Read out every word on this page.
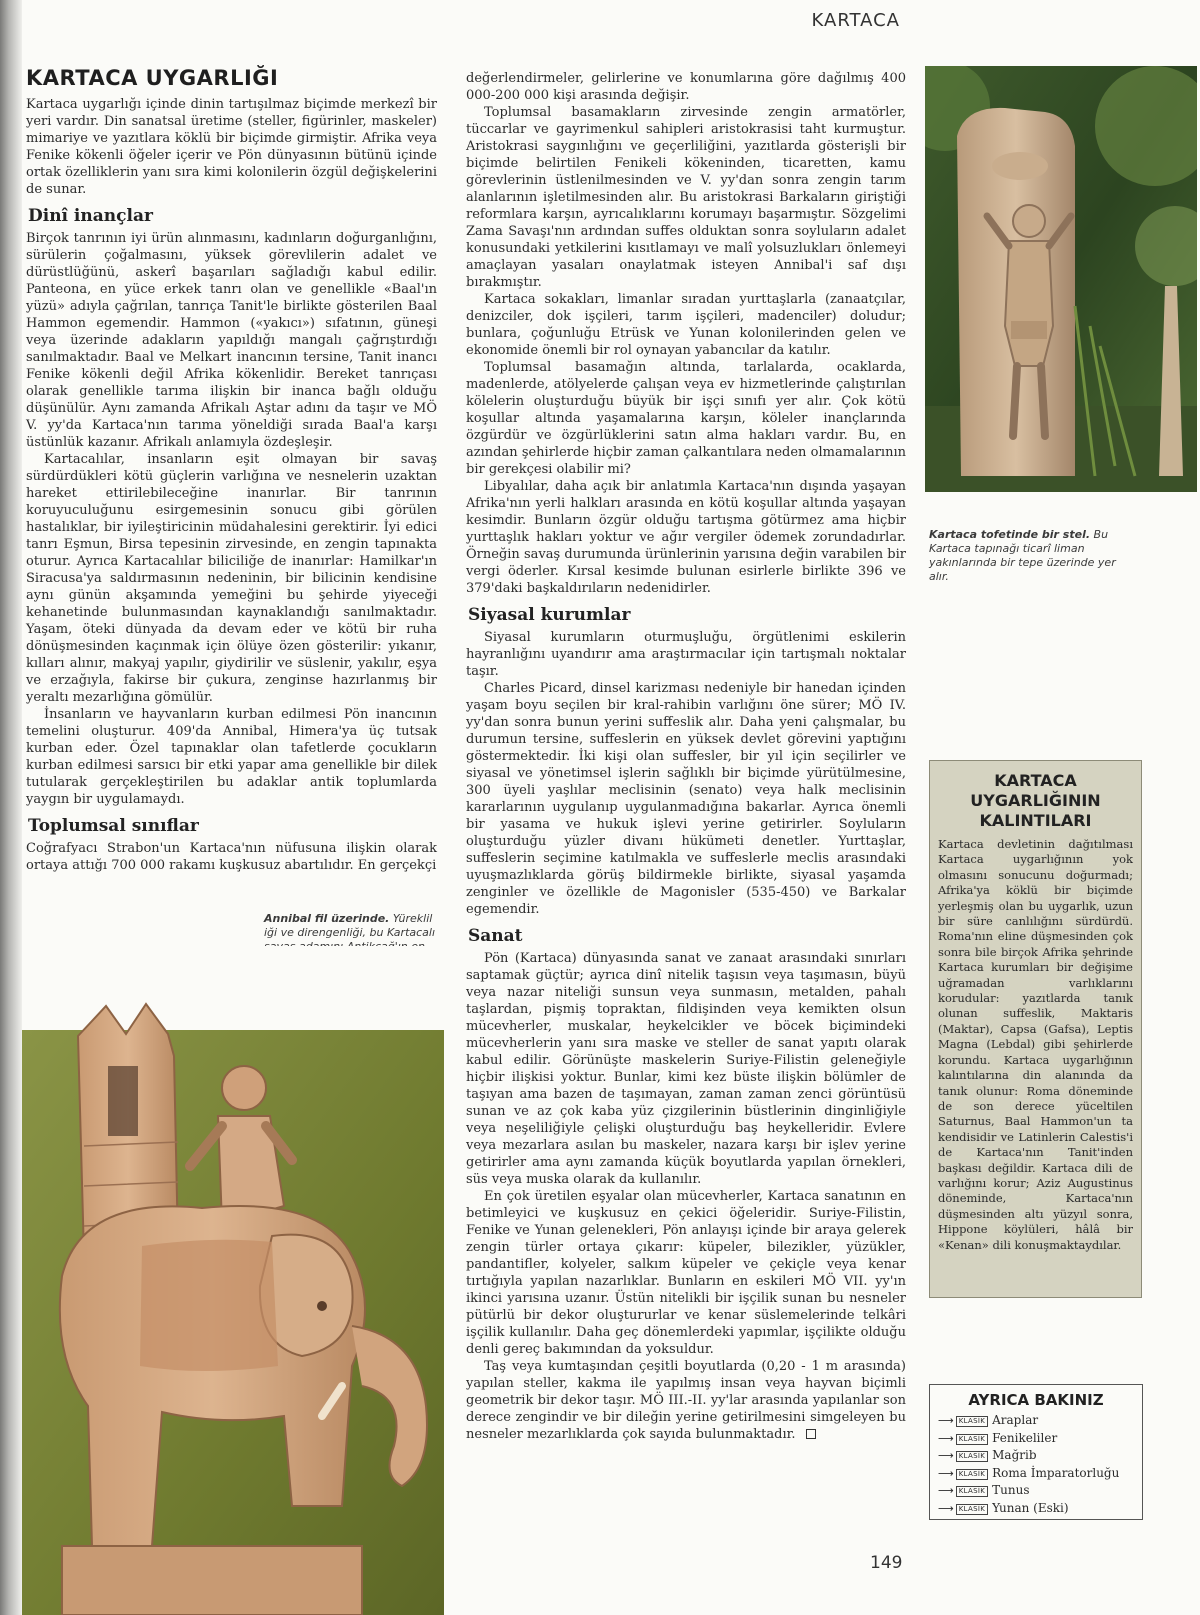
KARTACA
KARTACA UYGARLIĞI

Kartaca uygarlığı içinde dinin tartışılmaz biçimde merkezî bir yeri vardır. Din sanatsal üretime (steller, figürinler, maskeler) mimariye ve yazıtlara köklü bir biçimde girmiştir. Afrika veya Fenike kökenli öğeler içerir ve Pön dünyasının bütünü içinde ortak özelliklerin yanı sıra kimi kolonilerin özgül değişkelerini de sunar.

Dinî inançlar

Birçok tanrının iyi ürün alınmasını, kadınların doğurganlığını, sürülerin çoğalmasını, yüksek görevlilerin adalet ve dürüstlüğünü, askerî başarıları sağladığı kabul edilir. Panteona, en yüce erkek tanrı olan ve genellikle «Baal'ın yüzü» adıyla çağrılan, tanrıça Tanit'le birlikte gösterilen Baal Hammon egemendir. Hammon («yakıcı») sıfatının, güneşi veya üzerinde adakların yapıldığı mangalı çağrıştırdığı sanılmaktadır. Baal ve Melkart inancının tersine, Tanit inancı Fenike kökenli değil Afrika kökenlidir. Bereket tanrıçası olarak genellikle tarıma ilişkin bir inanca bağlı olduğu düşünülür. Aynı zamanda Afrikalı Aştar adını da taşır ve MÖ V. yy'da Kartaca'nın tarıma yöneldiği sırada Baal'a karşı üstünlük kazanır. Afrikalı anlamıyla özdeşleşir.

Kartacalılar, insanların eşit olmayan bir savaş sürdürdükleri kötü güçlerin varlığına ve nesnelerin uzaktan hareket ettirilebileceğine inanırlar. Bir tanrının koruyuculuğunu esirgemesinin sonucu gibi görülen hastalıklar, bir iyileştiricinin müdahalesini gerektirir. İyi edici tanrı Eşmun, Birsa tepesinin zirvesinde, en zengin tapınakta oturur. Ayrıca Kartacalılar biliciliğe de inanırlar: Hamilkar'ın Siracusa'ya saldırmasının nedeninin, bir bilicinin kendisine aynı günün akşamında yemeğini bu şehirde yiyeceği kehanetinde bulunmasından kaynaklandığı sanılmaktadır. Yaşam, öteki dünyada da devam eder ve kötü bir ruha dönüşmesinden kaçınmak için ölüye özen gösterilir: yıkanır, kılları alınır, makyaj yapılır, giydirilir ve süslenir, yakılır, eşya ve erzağıyla, fakirse bir çukura, zenginse hazırlanmış bir yeraltı mezarlığına gömülür.

İnsanların ve hayvanların kurban edilmesi Pön inancının temelini oluşturur. 409'da Annibal, Himera'ya üç tutsak kurban eder. Özel tapınaklar olan tafetlerde çocukların kurban edilmesi sarsıcı bir etki yapar ama genellikle bir dilek tutularak gerçekleştirilen bu adaklar antik toplumlarda yaygın bir uygulamaydı.

Toplumsal sınıflar

Coğrafyacı Strabon'un Kartaca'nın nüfusuna ilişkin olarak ortaya attığı 700 000 rakamı kuşkusuz abartılıdır. En gerçekçi

değerlendirmeler, gelirlerine ve konumlarına göre dağılmış 400 000-200 000 kişi arasında değişir.

Toplumsal basamakların zirvesinde zengin armatörler, tüccarlar ve gayrimenkul sahipleri aristokrasisi taht kurmuştur. Aristokrasi saygınlığını ve geçerliliğini, yazıtlarda gösterişli bir biçimde belirtilen Fenikeli kökeninden, ticaretten, kamu görevlerinin üstlenilmesinden ve V. yy'dan sonra zengin tarım alanlarının işletilmesinden alır. Bu aristokrasi Barkaların giriştiği reformlara karşın, ayrıcalıklarını korumayı başarmıştır. Sözgelimi Zama Savaşı'nın ardından suffes olduktan sonra soyluların adalet konusundaki yetkilerini kısıtlamayı ve malî yolsuzlukları önlemeyi amaçlayan yasaları onaylatmak isteyen Annibal'i saf dışı bırakmıştır.

Kartaca sokakları, limanlar sıradan yurttaşlarla (zanaatçılar, denizciler, dok işçileri, tarım işçileri, madenciler) doludur; bunlara, çoğunluğu Etrüsk ve Yunan kolonilerinden gelen ve ekonomide önemli bir rol oynayan yabancılar da katılır.

Toplumsal basamağın altında, tarlalarda, ocaklarda, madenlerde, atölyelerde çalışan veya ev hizmetlerinde çalıştırılan kölelerin oluşturduğu büyük bir işçi sınıfı yer alır. Çok kötü koşullar altında yaşamalarına karşın, köleler inançlarında özgürdür ve özgürlüklerini satın alma hakları vardır. Bu, en azından şehirlerde hiçbir zaman çalkantılara neden olmamalarının bir gerekçesi olabilir mi?

Libyalılar, daha açık bir anlatımla Kartaca'nın dışında yaşayan Afrika'nın yerli halkları arasında en kötü koşullar altında yaşayan kesimdir. Bunların özgür olduğu tartışma götürmez ama hiçbir yurttaşlık hakları yoktur ve ağır vergiler ödemek zorundadırlar. Örneğin savaş durumunda ürünlerinin yarısına değin varabilen bir vergi öderler. Kırsal kesimde bulunan esirlerle birlikte 396 ve 379'daki başkaldırıların nedenidirler.

Siyasal kurumlar

Siyasal kurumların oturmuşluğu, örgütlenimi eskilerin hayranlığını uyandırır ama araştırmacılar için tartışmalı noktalar taşır.

Charles Picard, dinsel karizması nedeniyle bir hanedan içinden yaşam boyu seçilen bir kral-rahibin varlığını öne sürer; MÖ IV. yy'dan sonra bunun yerini suffeslik alır. Daha yeni çalışmalar, bu durumun tersine, suffeslerin en yüksek devlet görevini yaptığını göstermektedir. İki kişi olan suffesler, bir yıl için seçilirler ve siyasal ve yönetimsel işlerin sağlıklı bir biçimde yürütülmesine, 300 üyeli yaşlılar meclisinin (senato) veya halk meclisinin kararlarının uygulanıp uygulanmadığına bakarlar. Ayrıca önemli bir yasama ve hukuk işlevi yerine getirirler. Soyluların oluşturduğu yüzler divanı hükümeti denetler. Yurttaşlar, suffeslerin seçimine katılmakla ve suffeslerle meclis arasındaki uyuşmazlıklarda görüş bildirmekle birlikte, siyasal yaşamda zenginler ve özellikle de Magonisler (535-450) ve Barkalar egemendir.

Sanat

Pön (Kartaca) dünyasında sanat ve zanaat arasındaki sınırları saptamak güçtür; ayrıca dinî nitelik taşısın veya taşımasın, büyü veya nazar niteliği sunsun veya sunmasın, metalden, pahalı taşlardan, pişmiş topraktan, fildişinden veya kemikten olsun mücevherler, muskalar, heykelcikler ve böcek biçimindeki mücevherlerin yanı sıra maske ve steller de sanat yapıtı olarak kabul edilir. Görünüşte maskelerin Suriye-Filistin geleneğiyle hiçbir ilişkisi yoktur. Bunlar, kimi kez büste ilişkin bölümler de taşıyan ama bazen de taşımayan, zaman zaman zenci görüntüsü sunan ve az çok kaba yüz çizgilerinin büstlerinin dinginliğiyle veya neşeliliğiyle çelişki oluşturduğu baş heykelleridir. Evlere veya mezarlara asılan bu maskeler, nazara karşı bir işlev yerine getirirler ama aynı zamanda küçük boyutlarda yapılan örnekleri, süs veya muska olarak da kullanılır.

En çok üretilen eşyalar olan mücevherler, Kartaca sanatının en betimleyici ve kuşkusuz en çekici öğeleridir. Suriye-Filistin, Fenike ve Yunan gelenekleri, Pön anlayışı içinde bir araya gelerek zengin türler ortaya çıkarır: küpeler, bilezikler, yüzükler, pandantifler, kolyeler, salkım küpeler ve çekiçle veya kenar tırtığıyla yapılan nazarlıklar. Bunların en eskileri MÖ VII. yy'ın ikinci yarısına uzanır. Üstün nitelikli bir işçilik sunan bu nesneler pütürlü bir dekor oluştururlar ve kenar süslemelerinde telkâri işçilik kullanılır. Daha geç dönemlerdeki yapımlar, işçilikte olduğu denli gereç bakımından da yoksuldur.

Taş veya kumtaşından çeşitli boyutlarda (0,20 - 1 m arasında) yapılan steller, kakma ile yapılmış insan veya hayvan biçimli geometrik bir dekor taşır. MÖ III.-II. yy'lar arasında yapılanlar son derece zengindir ve bir dileğin yerine getirilmesini simgeleyen bu nesneler mezarlıklarda çok sayıda bulunmaktadır.

Kartaca tofetinde bir stel. Bu Kartaca tapınağı ticarî liman yakınlarında bir tepe üzerinde yer alır.
KARTACA UYGARLIĞININ KALINTILARI

Kartaca devletinin dağıtılması Kartaca uygarlığının yok olmasını sonucunu doğurmadı; Afrika'ya köklü bir biçimde yerleşmiş olan bu uygarlık, uzun bir süre canlılığını sürdürdü. Roma'nın eline düşmesinden çok sonra bile birçok Afrika şehrinde Kartaca kurumları bir değişime uğramadan varlıklarını korudular: yazıtlarda tanık olunan suffeslik, Maktaris (Maktar), Capsa (Gafsa), Leptis Magna (Lebdal) gibi şehirlerde korundu. Kartaca uygarlığının kalıntılarına din alanında da tanık olunur: Roma döneminde de son derece yüceltilen Saturnus, Baal Hammon'un ta kendisidir ve Latinlerin Calestis'i de Kartaca'nın Tanit'inden başkası değildir. Kartaca dili de varlığını korur; Aziz Augustinus döneminde, Kartaca'nın düşmesinden altı yüzyıl sonra, Hippone köylüleri, hâlâ bir «Kenan» dili konuşmaktaydılar.

AYRICA BAKINIZ
⟶ KLASİK Araplar
⟶ KLASİK Fenikeliler
⟶ KLASİK Mağrib
⟶ KLASİK Roma İmparatorluğu
⟶ KLASİK Tunus
⟶ KLASİK Yunan (Eski)
Annibal fil üzerinde. Yüreklil iği ve direngenliği, bu Kartacalı
149
